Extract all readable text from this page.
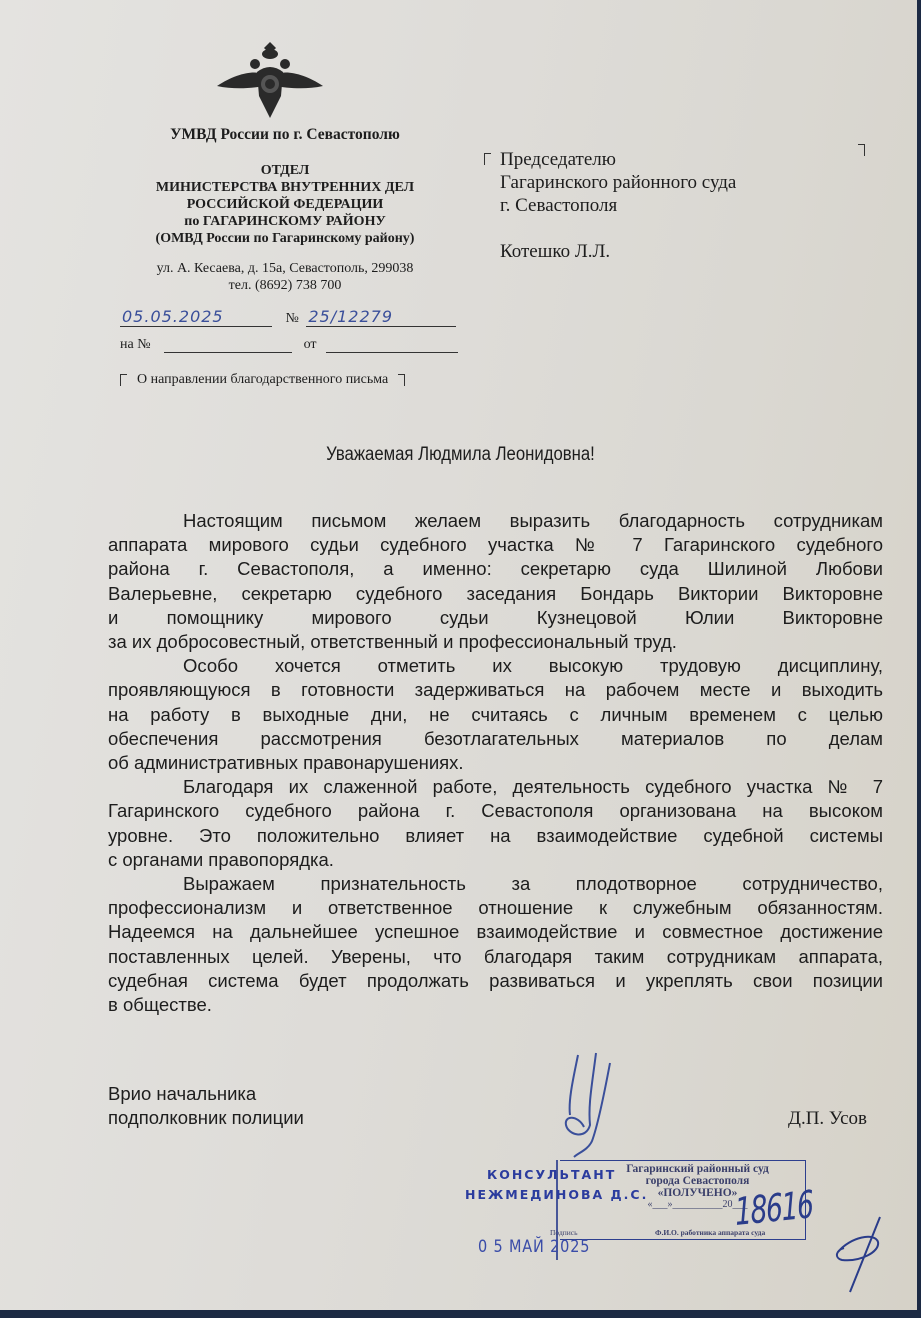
УМВД России по г. Севастополю
ОТДЕЛ
МИНИСТЕРСТВА ВНУТРЕННИХ ДЕЛ
РОССИЙСКОЙ ФЕДЕРАЦИИ
по ГАГАРИНСКОМУ РАЙОНУ
(ОМВД России по Гагаринскому району)
ул. А. Кесаева, д. 15а, Севастополь, 299038
тел. (8692) 738 700
05.05.2025	№ 25/12279
на №	от
О направлении благодарственного письма
Председателю
Гагаринского районного суда
г. Севастополя
Котешко Л.Л.
Уважаемая Людмила Леонидовна!
Настоящим письмом желаем выразить благодарность сотрудникам
аппарата мирового судьи судебного участка № 7 Гагаринского судебного
района г. Севастополя, а именно: секретарю суда Шилиной Любови
Валерьевне, секретарю судебного заседания Бондарь Виктории Викторовне
и помощнику мирового судьи Кузнецовой Юлии Викторовне
за их добросовестный, ответственный и профессиональный труд.
Особо хочется отметить их высокую трудовую дисциплину,
проявляющуюся в готовности задерживаться на рабочем месте и выходить
на работу в выходные дни, не считаясь с личным временем с целью
обеспечения рассмотрения безотлагательных материалов по делам
об административных правонарушениях.
Благодаря их слаженной работе, деятельность судебного участка № 7
Гагаринского судебного района г. Севастополя организована на высоком
уровне. Это положительно влияет на взаимодействие судебной системы
с органами правопорядка.
Выражаем признательность за плодотворное сотрудничество,
профессионализм и ответственное отношение к служебным обязанностям.
Надеемся на дальнейшее успешное взаимодействие и совместное достижение
поставленных целей. Уверены, что благодаря таким сотрудникам аппарата,
судебная система будет продолжать развиваться и укреплять свои позиции
в обществе.
Врио начальника
подполковник полиции	Д.П. Усов
Гагаринский районный суд
города Севастополя
«ПОЛУЧЕНО»
«___»__________20___
Подпись	Ф.И.О. работника аппарата суда
КОНСУЛЬТАНТ
НЕЖМЕДИНОВА Д.С.
0 5 МАЙ 2025
18616
